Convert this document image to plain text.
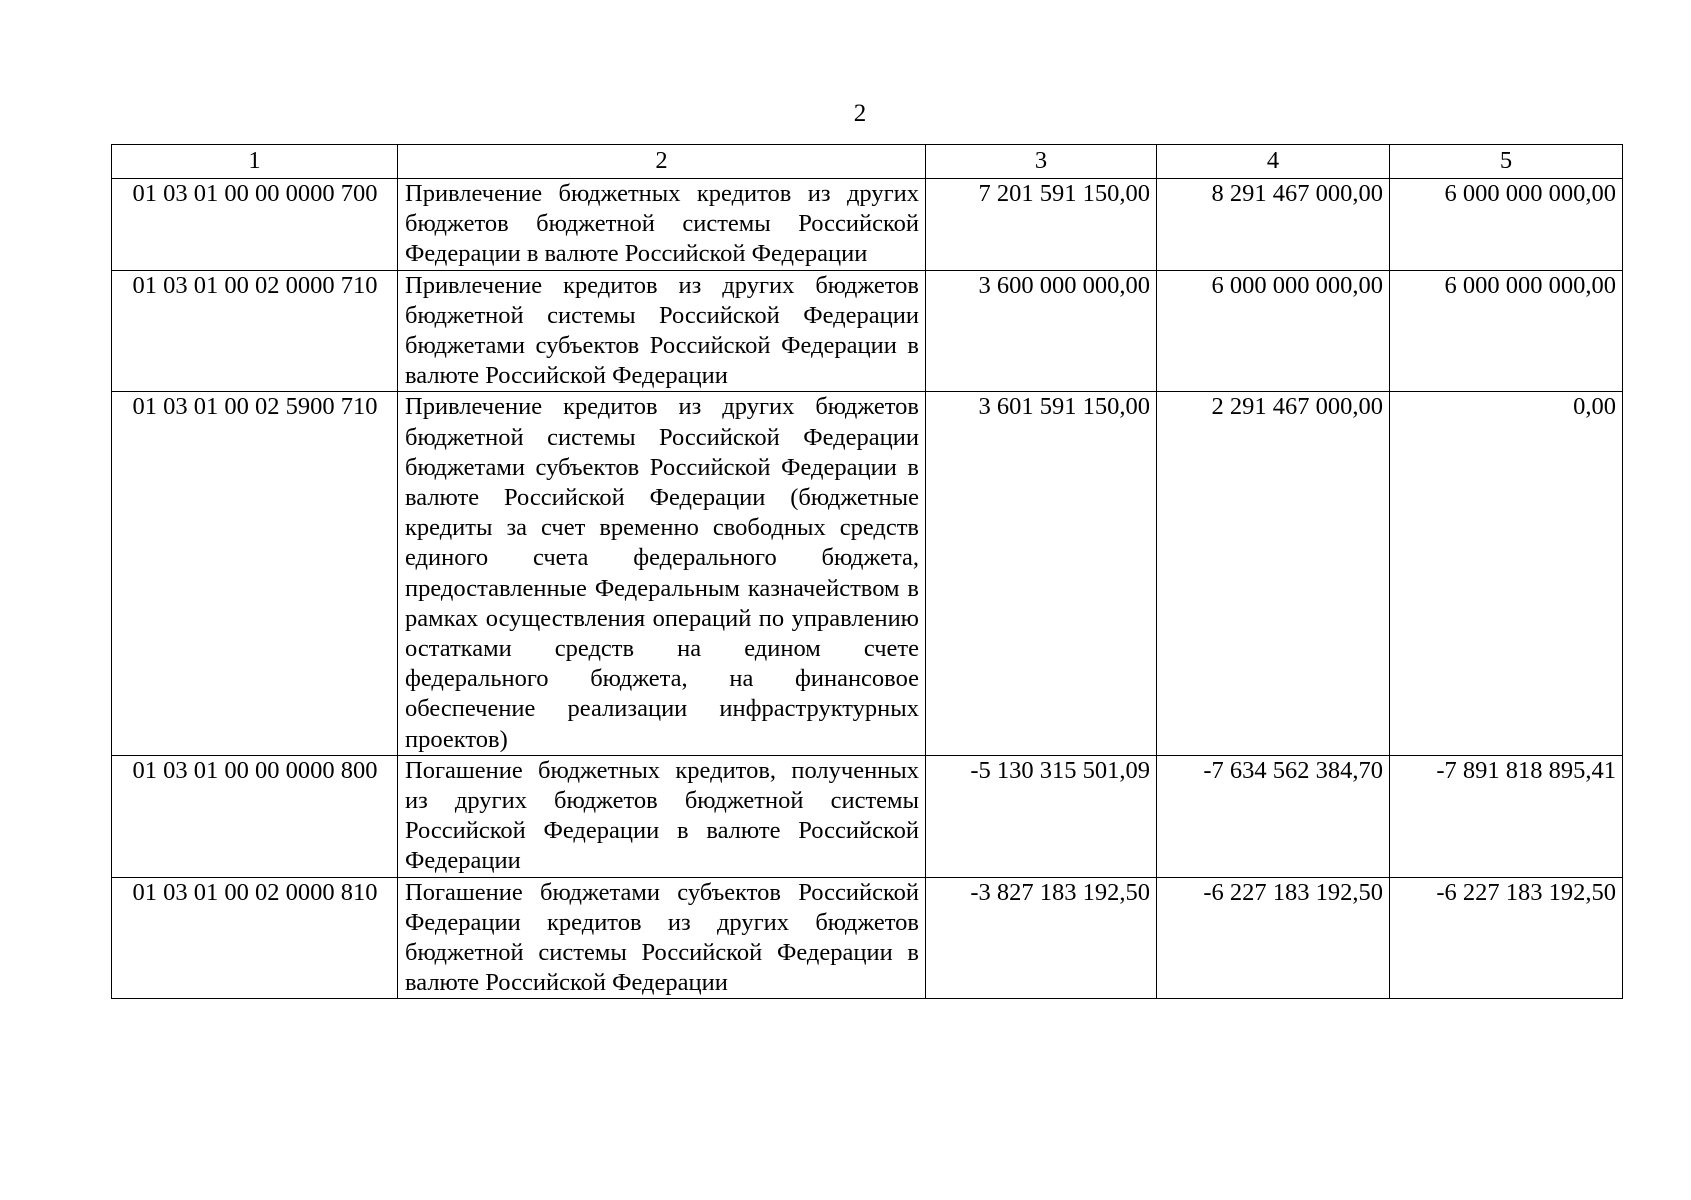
2
1	2	3	4	5
01 03 01 00 00 0000 700	Привлечение бюджетных кредитов из других бюджетов бюджетной системы Российской Федерации в валюте Российской Федерации	7 201 591 150,00	8 291 467 000,00	6 000 000 000,00
01 03 01 00 02 0000 710	Привлечение кредитов из других бюджетов бюджетной системы Российской Федерации бюджетами субъектов Российской Федерации в валюте Российской Федерации	3 600 000 000,00	6 000 000 000,00	6 000 000 000,00
01 03 01 00 02 5900 710	Привлечение кредитов из других бюджетов бюджетной системы Российской Федерации бюджетами субъектов Российской Федерации в валюте Российской Федерации (бюджетные кредиты за счет временно свободных средств единого счета федерального бюджета, предоставленные Федеральным казначейством в рамках осуществления операций по управлению остатками средств на едином счете федерального бюджета, на финансовое обеспечение реализации инфраструктурных проектов)	3 601 591 150,00	2 291 467 000,00	0,00
01 03 01 00 00 0000 800	Погашение бюджетных кредитов, полученных из других бюджетов бюджетной системы Российской Федерации в валюте Российской Федерации	-5 130 315 501,09	-7 634 562 384,70	-7 891 818 895,41
01 03 01 00 02 0000 810	Погашение бюджетами субъектов Российской Федерации кредитов из других бюджетов бюджетной системы Российской Федерации в валюте Российской Федерации	-3 827 183 192,50	-6 227 183 192,50	-6 227 183 192,50
